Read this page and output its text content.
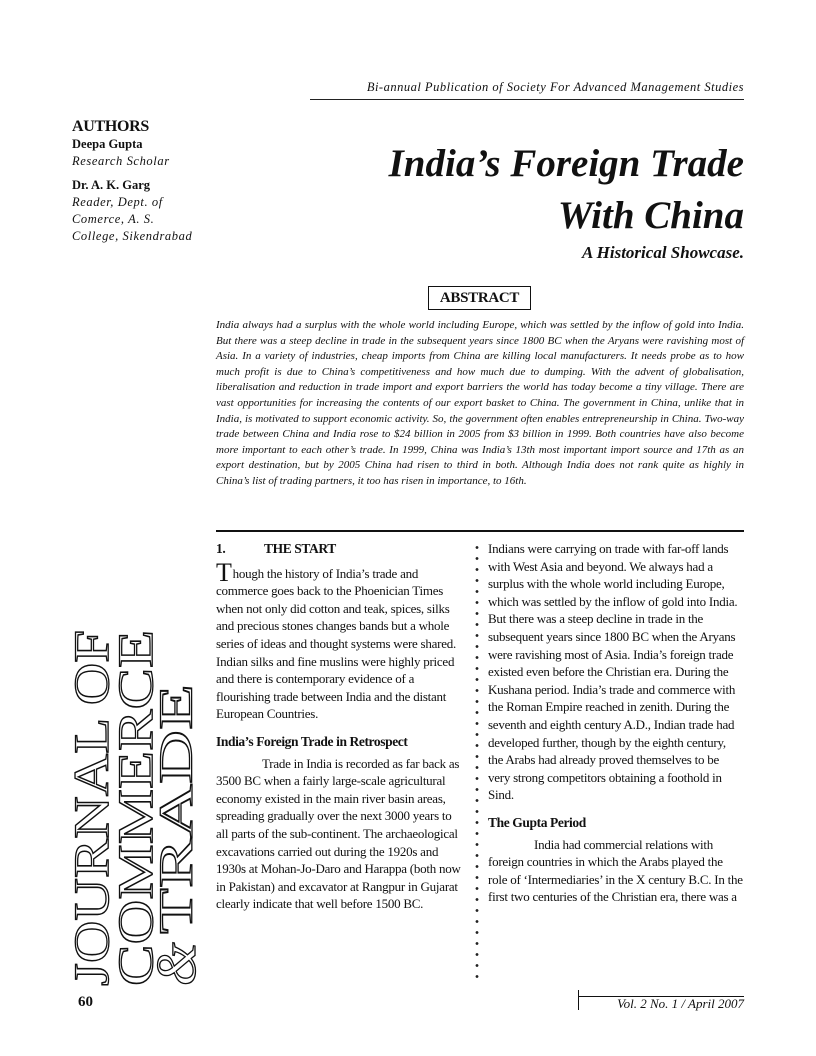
Bi-annual Publication of Society For Advanced Management Studies
AUTHORS
Deepa Gupta
Research Scholar
Dr. A. K. Garg
Reader, Dept. of
Comerce, A. S.
College, Sikendrabad
India’s Foreign Trade
With China
A Historical Showcase.
ABSTRACT
India always had a surplus with the whole world including Europe, which was settled by the inflow of gold into India. But there was a steep decline in trade in the subsequent years since 1800 BC when the Aryans were ravishing most of Asia. In a variety of industries, cheap imports from China are killing local manufacturers. It needs probe as to how much profit is due to China’s competitiveness and how much due to dumping. With the advent of globalisation, liberalisation and reduction in trade import and export barriers the world has today become a tiny village. There are vast opportunities for increasing the contents of our export basket to China. The government in China, unlike that in India, is motivated to support economic activity. So, the government often enables entrepreneurship in China. Two-way trade between China and India rose to $24 billion in 2005 from $3 billion in 1999. Both countries have also become more important to each other’s trade. In 1999, China was India’s 13th most important import source and 17th as an export destination, but by 2005 China had risen to third in both. Although India does not rank quite as highly in China’s list of trading partners, it too has risen in importance, to 16th.
1.	THE START
Though the history of India’s trade and commerce goes back to the Phoenician Times when not only did cotton and teak, spices, silks and precious stones changes bands but a whole series of ideas and thought systems were shared. Indian silks and fine muslins were highly priced and there is contemporary evidence of a flourishing trade between India and the distant European Countries.
India’s Foreign Trade in Retrospect
Trade in India is recorded as far back as 3500 BC when a fairly large-scale agricultural economy existed in the main river basin areas, spreading gradually over the next 3000 years to all parts of the sub-continent. The archaeological excavations carried out during the 1920s and 1930s at Mohan-Jo-Daro and Harappa (both now in Pakistan) and excavator at Rangpur in Gujarat clearly indicate that well before 1500 BC.
Indians were carrying on trade with far-off lands with West Asia and beyond. We always had a surplus with the whole world including Europe, which was settled by the inflow of gold into India. But there was a steep decline in trade in the subsequent years since 1800 BC when the Aryans were ravishing most of Asia. India’s foreign trade existed even before the Christian era. During the Kushana period. India’s trade and commerce with the Roman Empire reached in zenith. During the seventh and eighth century A.D., Indian trade had developed further, though by the eighth century, the Arabs had already proved themselves to be very strong competitors obtaining a foothold in Sind.
The Gupta Period
India had commercial relations with foreign countries in which the Arabs played the role of ‘Intermediaries’ in the X century B.C. In the first two centuries of the Christian era, there was a
JOURNAL OF
COMMERCE
&
TRADE
60	Vol. 2 No. 1 / April 2007
